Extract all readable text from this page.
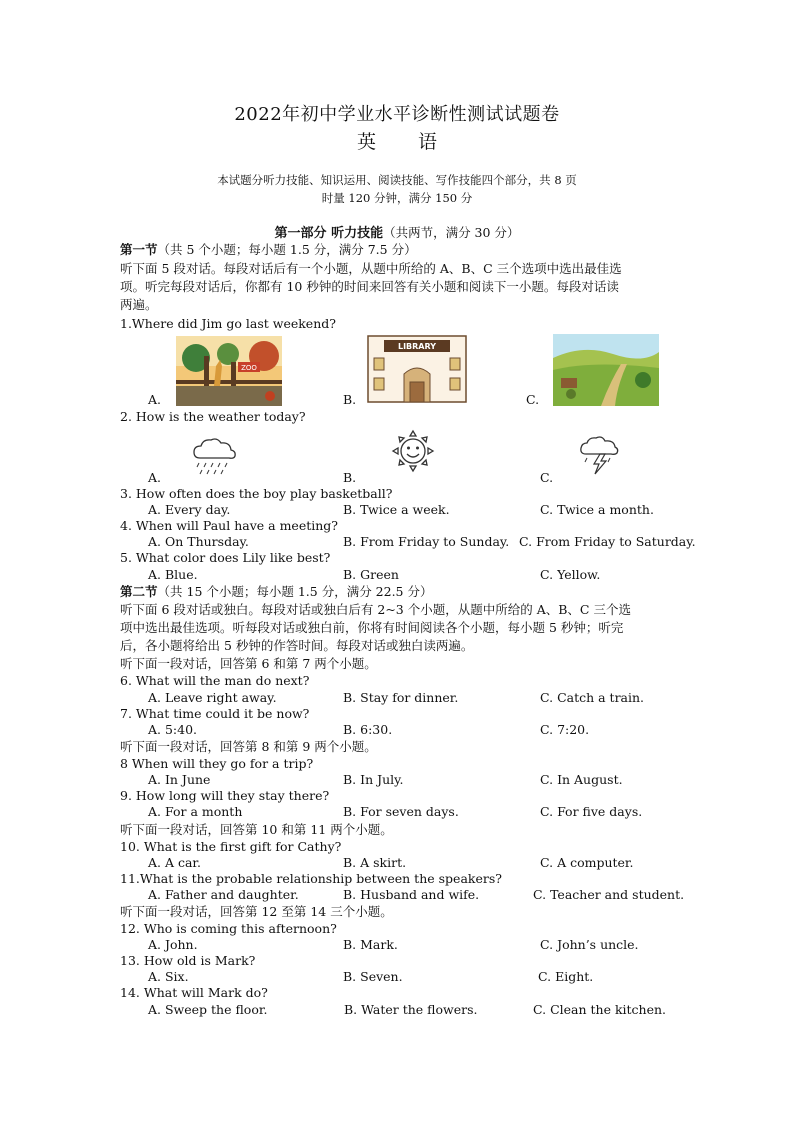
2022年初中学业水平诊断性测试试题卷
英 语
本试题分听力技能、知识运用、阅读技能、写作技能四个部分，共 8 页
时量 120 分钟，满分 150 分
第一部分 听力技能（共两节，满分 30 分）
第一节（共 5 个小题；每小题 1.5 分，满分 7.5 分）
听下面 5 段对话。每段对话后有一个小题，从题中所给的 A、B、C 三个选项中选出最佳选
项。听完每段对话后，你都有 10 秒钟的时间来回答有关小题和阅读下一小题。每段对话读
两遍。
1.Where did Jim go last weekend?
A.	B.	C.
ZOO
LIBRARY
2. How is the weather today?
A.	B.	C.
3. How often does the boy play basketball?
A. Every day.	B. Twice a week.	C. Twice a month.
4. When will Paul have a meeting?
A. On Thursday.	B. From Friday to Sunday. C. From Friday to Saturday.
5. What color does Lily like best?
A. Blue.	B. Green	C. Yellow.
第二节（共 15 个小题；每小题 1.5 分，满分 22.5 分）
听下面 6 段对话或独白。每段对话或独白后有 2~3 个小题，从题中所给的 A、B、C 三个选
项中选出最佳选项。听每段对话或独白前，你将有时间阅读各个小题，每小题 5 秒钟；听完
后，各小题将给出 5 秒钟的作答时间。每段对话或独白读两遍。
听下面一段对话，回答第 6 和第 7 两个小题。
6. What will the man do next?
A. Leave right away.	B. Stay for dinner.	C. Catch a train.
7. What time could it be now?
A. 5:40.	B. 6:30.	C. 7:20.
听下面一段对话，回答第 8 和第 9 两个小题。
8 When will they go for a trip?
A. In June	B. In July.	C. In August.
9. How long will they stay there?
A. For a month	B. For seven days.	C. For five days.
听下面一段对话，回答第 10 和第 11 两个小题。
10. What is the first gift for Cathy?
A. A car.	B. A skirt.	C. A computer.
11.What is the probable relationship between the speakers?
A. Father and daughter.	B. Husband and wife.	C. Teacher and student.
听下面一段对话，回答第 12 至第 14 三个小题。
12. Who is coming this afternoon?
A. John.	B. Mark.	C. John’s uncle.
13. How old is Mark?
A. Six.	B. Seven.	C. Eight.
14. What will Mark do?
A. Sweep the floor.	B. Water the flowers.	C. Clean the kitchen.
